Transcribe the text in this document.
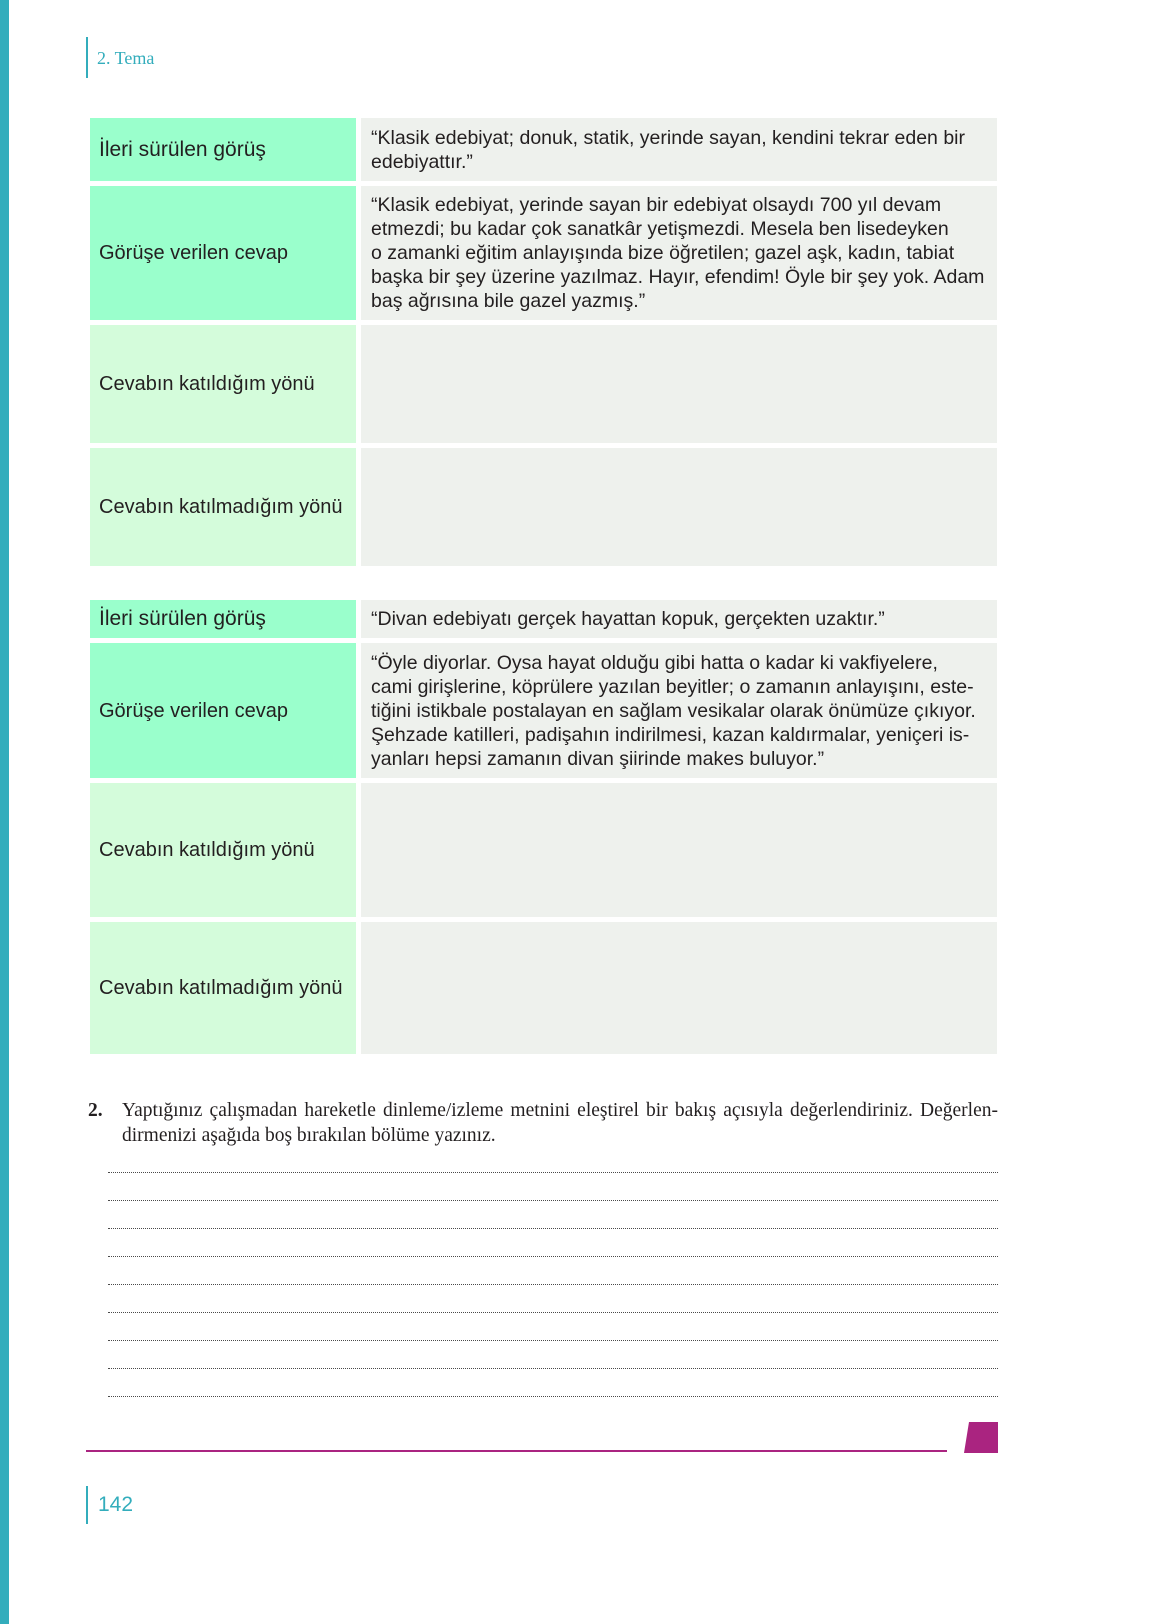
2. Tema
İleri sürülen görüş	“Klasik edebiyat; donuk, statik, yerinde sayan, kendini tekrar eden bir
edebiyattır.”
Görüşe verilen cevap
“Klasik edebiyat, yerinde sayan bir edebiyat olsaydı 700 yıl devam
etmezdi; bu kadar çok sanatkâr yetişmezdi. Mesela ben lisedeyken
o zamanki eğitim anlayışında bize öğretilen; gazel aşk, kadın, tabiat
başka bir şey üzerine yazılmaz. Hayır, efendim! Öyle bir şey yok. Adam
baş ağrısına bile gazel yazmış.”
Cevabın katıldığım yönü
Cevabın katılmadığım yönü
İleri sürülen görüş	“Divan edebiyatı gerçek hayattan kopuk, gerçekten uzaktır.”
Görüşe verilen cevap
“Öyle diyorlar. Oysa hayat olduğu gibi hatta o kadar ki vakfiyelere,
cami girişlerine, köprülere yazılan beyitler; o zamanın anlayışını, este-
tiğini istikbale postalayan en sağlam vesikalar olarak önümüze çıkıyor.
Şehzade katilleri, padişahın indirilmesi, kazan kaldırmalar, yeniçeri is-
yanları hepsi zamanın divan şiirinde makes buluyor.”
Cevabın katıldığım yönü
Cevabın katılmadığım yönü
2. Yaptığınız çalışmadan hareketle dinleme/izleme metnini eleştirel bir bakış açısıyla değerlendiriniz. Değerlen-
dirmenizi aşağıda boş bırakılan bölüme yazınız.
142
